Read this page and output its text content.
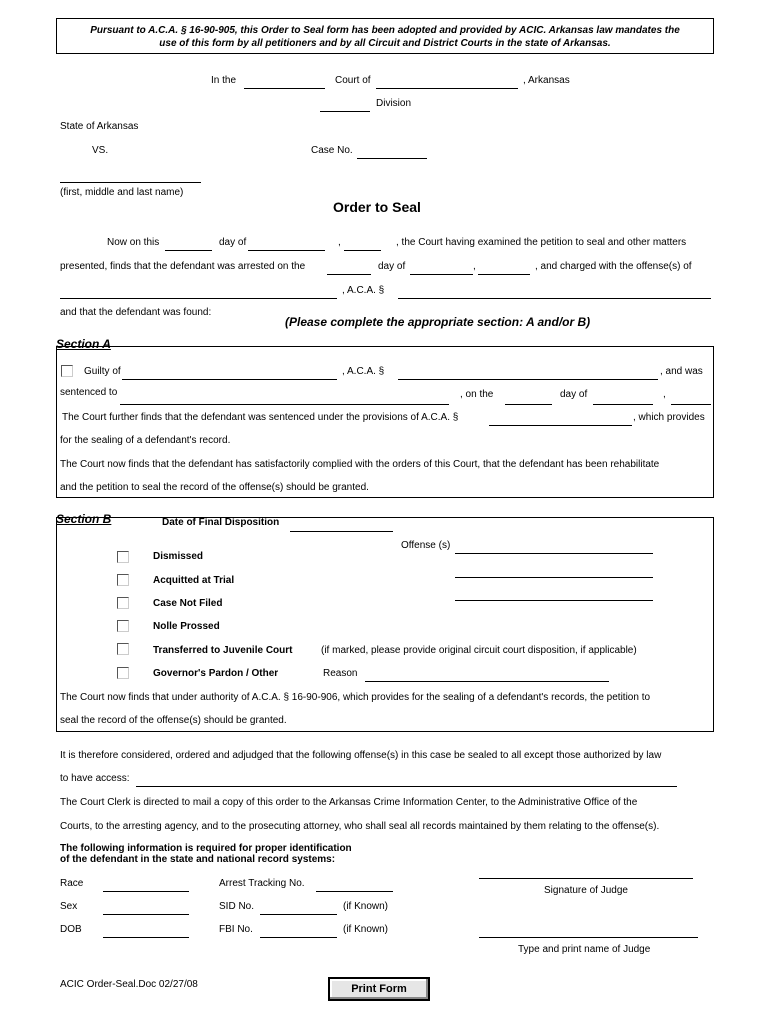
Pursuant to A.C.A. § 16-90-905, this Order to Seal form has been adopted and provided by ACIC. Arkansas law mandates the
use of this form by all petitioners and by all Circuit and District Courts in the state of Arkansas.
In the	Court of	, Arkansas
Division
State of Arkansas
VS.	Case No.
(first, middle and last name)
Order to Seal
Now on this	day of	,	, the Court having examined the petition to seal and other matters
presented, finds that the defendant was arrested on the	day of	,	, and charged with the offense(s) of
, A.C.A. §
and that the defendant was found:
(Please complete the appropriate section: A and/or B)
Section A
Guilty of	, A.C.A. §	, and was
sentenced to	, on the	day of	,
The Court further finds that the defendant was sentenced under the provisions of A.C.A. §	, which provides
for the sealing of a defendant's record.
The Court now finds that the defendant has satisfactorily complied with the orders of this Court, that the defendant has been rehabilitate
and the petition to seal the record of the offense(s) should be granted.
Section B	Date of Final Disposition
Offense (s)
Dismissed
Acquitted at Trial
Case Not Filed
Nolle Prossed
Transferred to Juvenile Court	(if marked, please provide original circuit court disposition, if applicable)
Governor's Pardon / Other	Reason
The Court now finds that under authority of A.C.A. § 16-90-906, which provides for the sealing of a defendant's records, the petition to
seal the record of the offense(s) should be granted.
It is therefore considered, ordered and adjudged that the following offense(s) in this case be sealed to all except those authorized by law
to have access:
The Court Clerk is directed to mail a copy of this order to the Arkansas Crime Information Center, to the Administrative Office of the
Courts, to the arresting agency, and to the prosecuting attorney, who shall seal all records maintained by them relating to the offense(s).
The following information is required for proper identification
of the defendant in the state and national record systems:
Race
Sex
DOB
Arrest Tracking No.
SID No.	(if Known)
FBI No.	(if Known)
Signature of Judge
Type and print name of Judge
ACIC Order-Seal.Doc 02/27/08	Print Form
